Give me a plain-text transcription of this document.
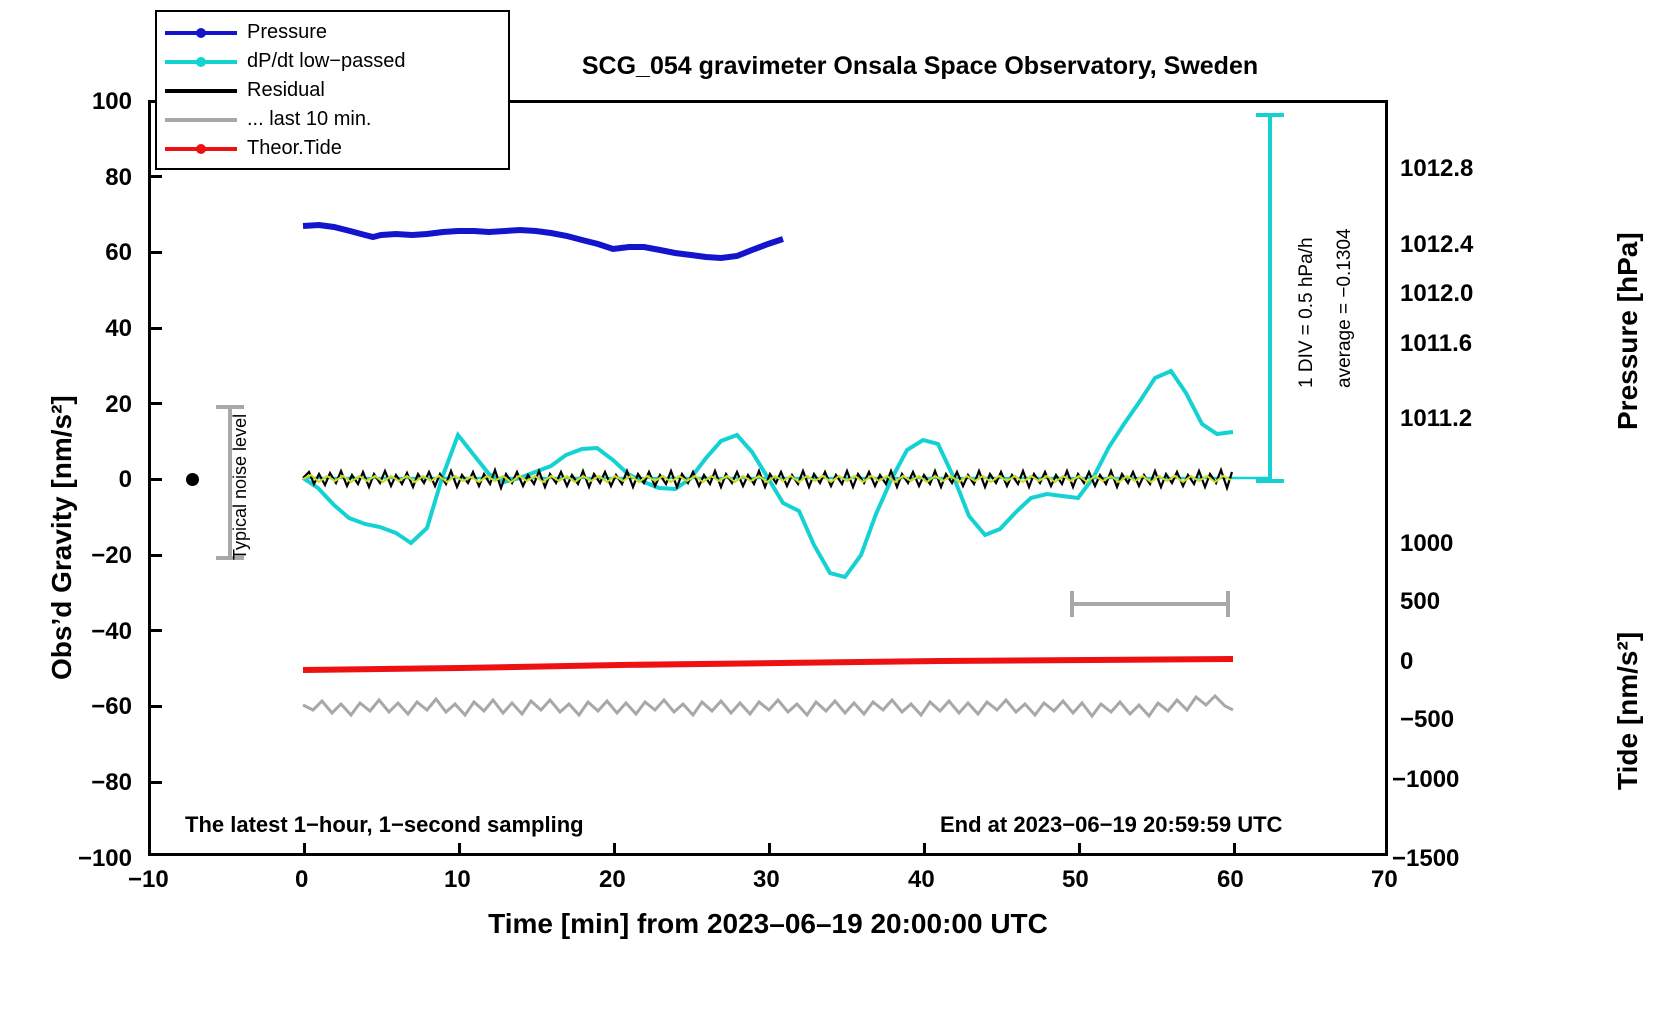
SCG_054 gravimeter Onsala Space Observatory, Sweden
Obs’d Gravity [nm/s²]
Pressure [hPa]
Tide [nm/s²]
Time [min] from 2023–06–19 20:00:00 UTC
100
80
60
40
20
0
−20
−40
−60
−80
−100
1012.8
1012.4
1012.0
1011.6
1011.2
1000
500
0
−500
−1000
−1500
−10	0	10	20	30	40	50	60	70
Pressure
dP/dt low−passed
Residual
... last 10 min.
Theor.Tide
Typical noise level
1 DIV = 0.5 hPa/h average = −0.1304
The latest 1−hour, 1−second sampling	End at 2023−06−19 20:59:59 UTC
